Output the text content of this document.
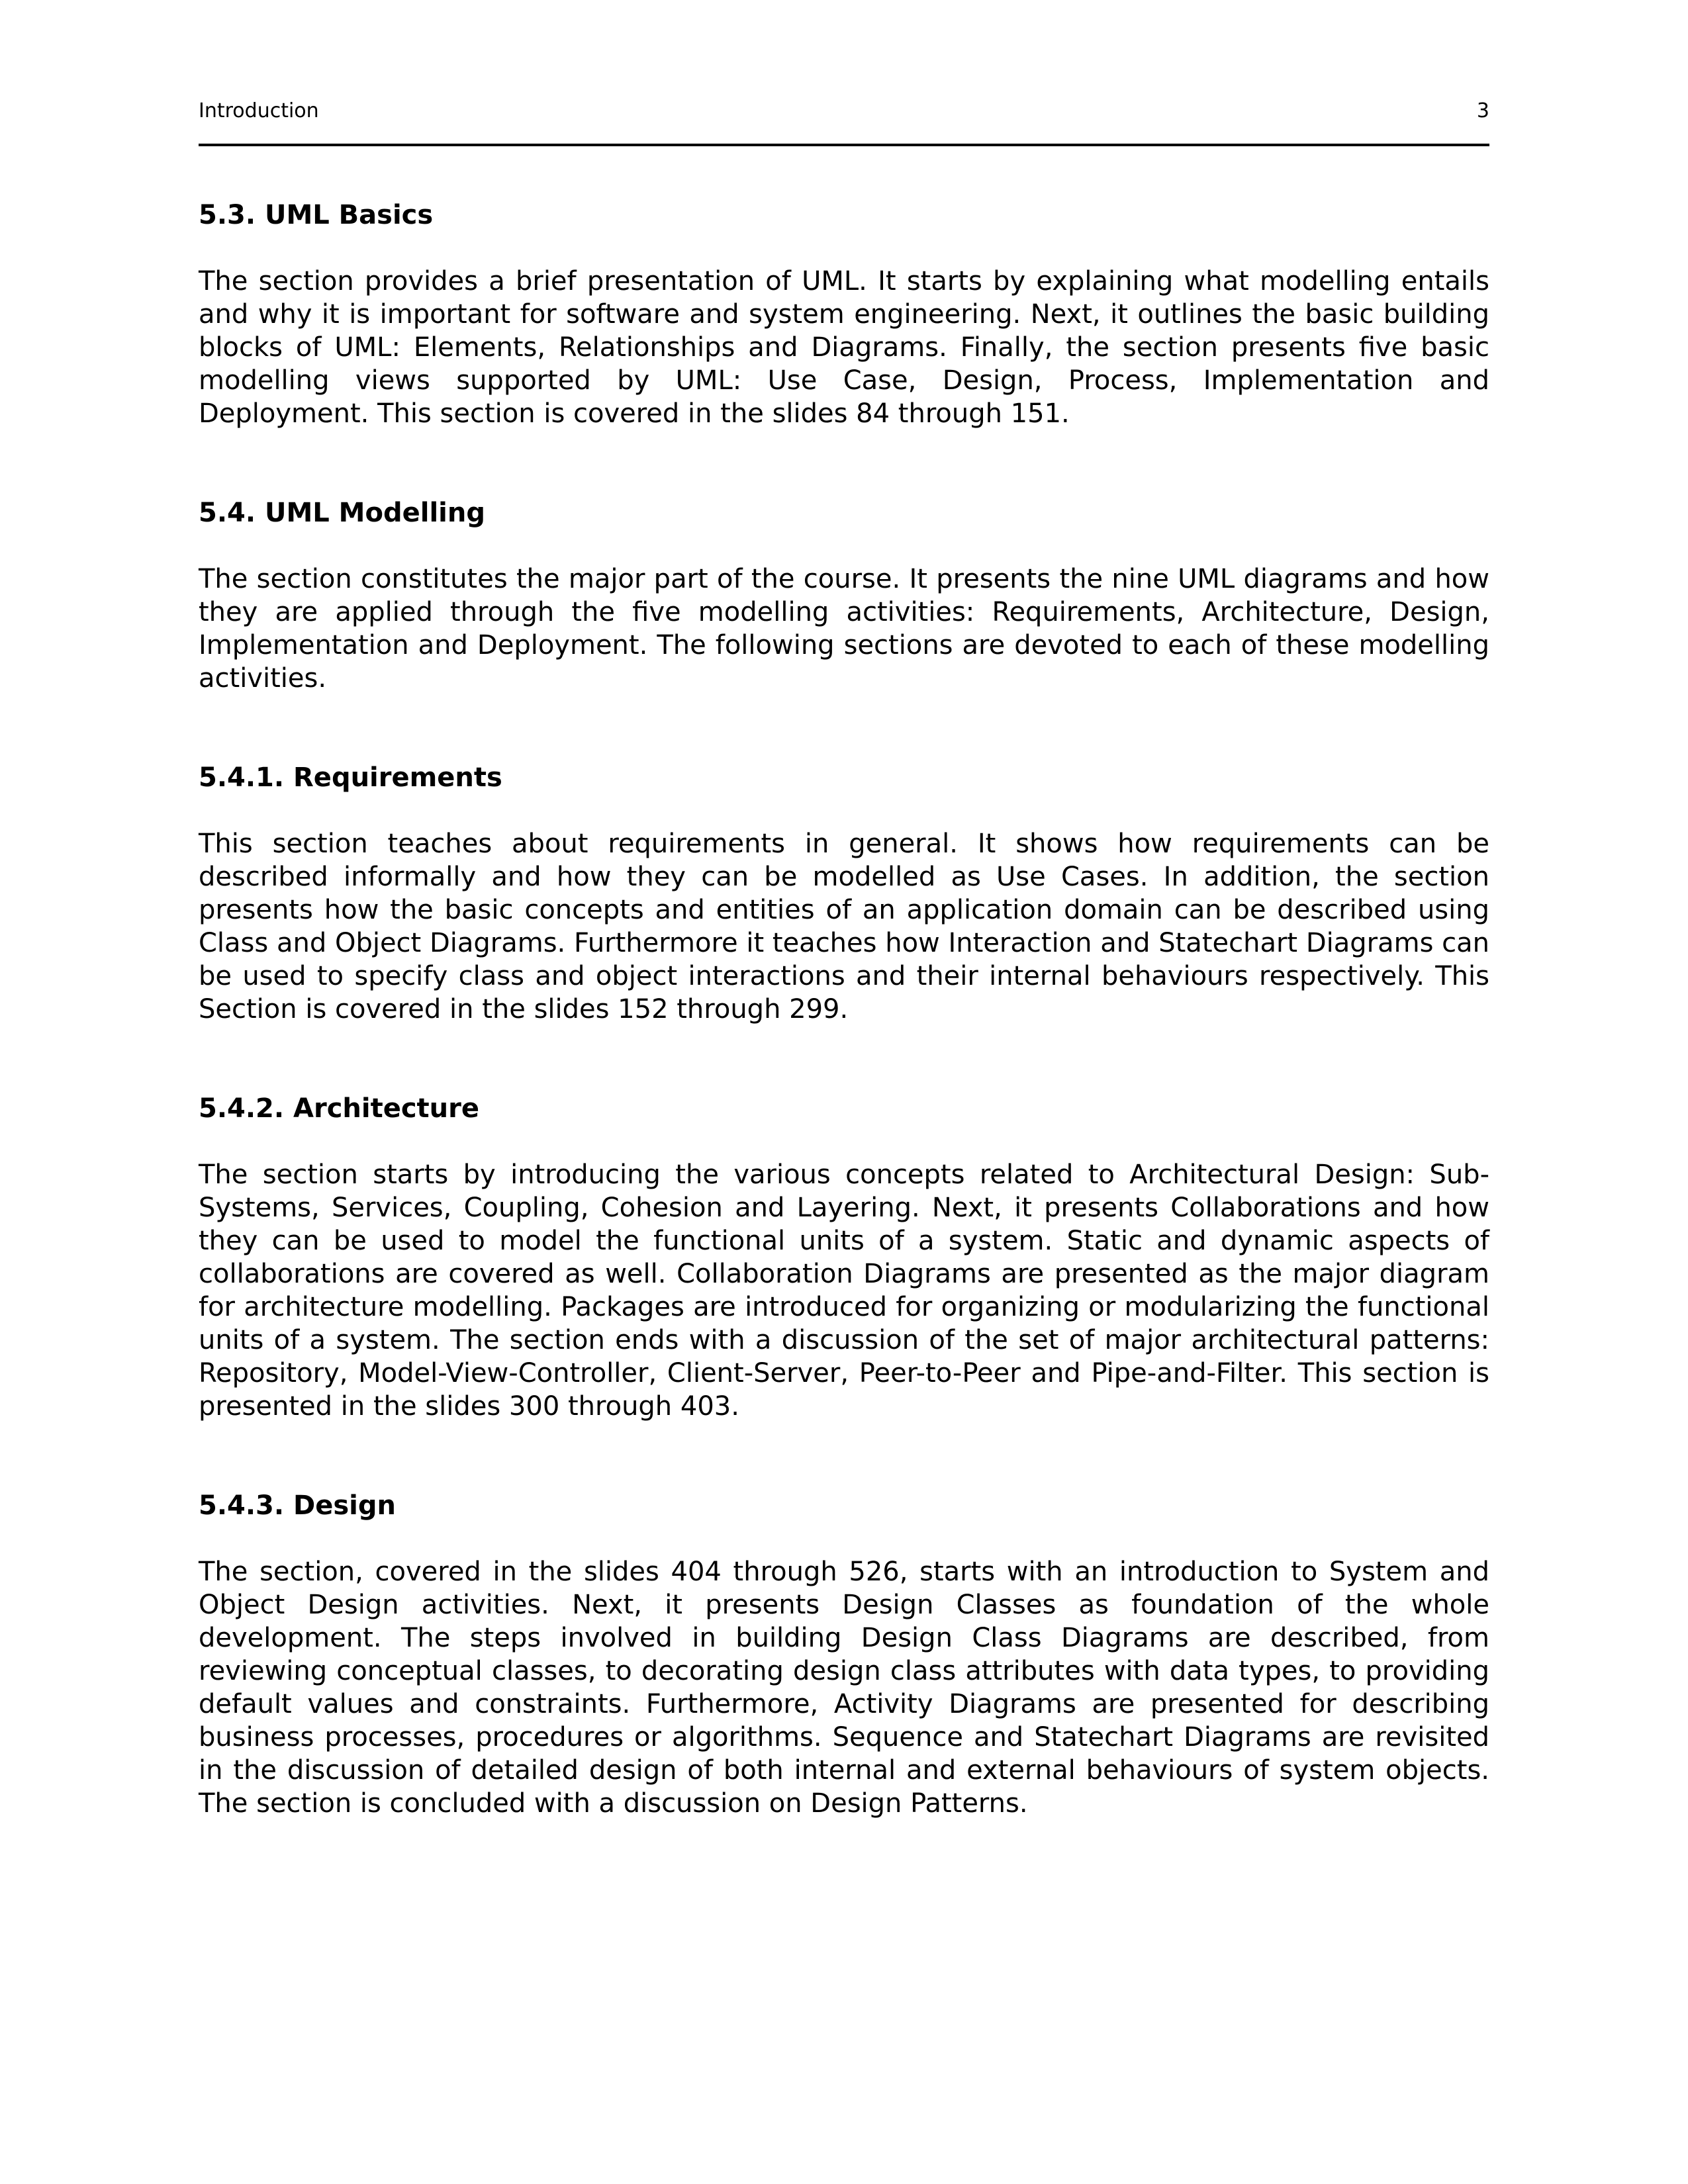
Introduction	3
5.3. UML Basics

The section provides a brief presentation of UML. It starts by explaining what modelling entails and why it is important for software and system engineering. Next, it outlines the basic building blocks of UML: Elements, Relationships and Diagrams. Finally, the section presents five basic modelling views supported by UML: Use Case, Design, Process, Implementation and Deployment. This section is covered in the slides 84 through 151.

5.4. UML Modelling

The section constitutes the major part of the course. It presents the nine UML diagrams and how they are applied through the five modelling activities: Requirements, Architecture, Design, Implementation and Deployment. The following sections are devoted to each of these modelling activities.

5.4.1. Requirements

This section teaches about requirements in general. It shows how requirements can be described informally and how they can be modelled as Use Cases. In addition, the section presents how the basic concepts and entities of an application domain can be described using Class and Object Diagrams. Furthermore it teaches how Interaction and Statechart Diagrams can be used to specify class and object interactions and their internal behaviours respectively. This Section is covered in the slides 152 through 299.

5.4.2. Architecture

The section starts by introducing the various concepts related to Architectural Design: Sub-Systems, Services, Coupling, Cohesion and Layering. Next, it presents Collaborations and how they can be used to model the functional units of a system. Static and dynamic aspects of collaborations are covered as well. Collaboration Diagrams are presented as the major diagram for architecture modelling. Packages are introduced for organizing or modularizing the functional units of a system. The section ends with a discussion of the set of major architectural patterns: Repository, Model-View-Controller, Client-Server, Peer-to-Peer and Pipe-and-Filter. This section is presented in the slides 300 through 403.

5.4.3. Design

The section, covered in the slides 404 through 526, starts with an introduction to System and Object Design activities. Next, it presents Design Classes as foundation of the whole development. The steps involved in building Design Class Diagrams are described, from reviewing conceptual classes, to decorating design class attributes with data types, to providing default values and constraints. Furthermore, Activity Diagrams are presented for describing business processes, procedures or algorithms. Sequence and Statechart Diagrams are revisited in the discussion of detailed design of both internal and external behaviours of system objects. The section is concluded with a discussion on Design Patterns.
